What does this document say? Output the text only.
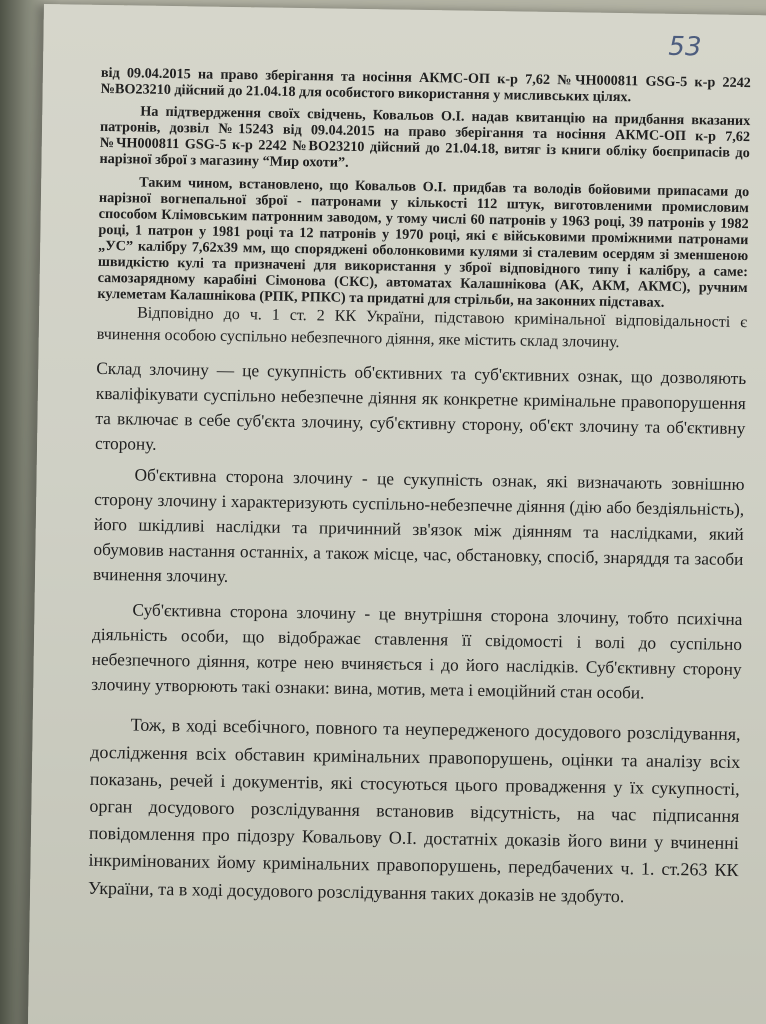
53

від 09.04.2015 на право зберігання та носіння АКМС-ОП к-р 7,62 №ЧН000811 GSG-5 к-р 2242 №ВО23210 дійсний до 21.04.18 для особистого використання у мисливських цілях.

На підтвердження своїх свідчень, Ковальов О.І. надав квитанцію на придбання вказаних патронів, дозвіл №15243 від 09.04.2015 на право зберігання та носіння АКМС-ОП к-р 7,62 №ЧН000811 GSG-5 к-р 2242 №ВО23210 дійсний до 21.04.18, витяг із книги обліку боєприпасів до нарізної зброї з магазину “Мир охоти”.

Таким чином, встановлено, що Ковальов О.І. придбав та володів бойовими припасами до нарізної вогнепальної зброї - патронами у кількості 112 штук, виготовленими промисловим способом Клімовським патронним заводом, у тому числі 60 патронів у 1963 році, 39 патронів у 1982 році, 1 патрон у 1981 році та 12 патронів у 1970 році, які є військовими проміжними патронами „УС” калібру 7,62х39 мм, що споряджені оболонковими кулями зі сталевим осердям зі зменшеною швидкістю кулі та призначені для використання у зброї відповідного типу і калібру, а саме: самозарядному карабіні Сімонова (СКС), автоматах Калашнікова (АК, АКМ, АКМС), ручним кулеметам Калашнікова (РПК, РПКС) та придатні для стрільби, на законних підставах.

Відповідно до ч. 1 ст. 2 КК України, підставою кримінальної відповідальності є вчинення особою суспільно небезпечного діяння, яке містить склад злочину.

Склад злочину — це сукупність об'єктивних та суб'єктивних ознак, що дозволяють кваліфікувати суспільно небезпечне діяння як конкретне кримінальне правопорушення та включає в себе суб'єкта злочину, суб'єктивну сторону, об'єкт злочину та об'єктивну сторону.

Об'єктивна сторона злочину - це сукупність ознак, які визначають зовнішню сторону злочину і характеризують суспільно-небезпечне діяння (дію або бездіяльність), його шкідливі наслідки та причинний зв'язок між діянням та наслідками, який обумовив настання останніх, а також місце, час, обстановку, спосіб, знаряддя та засоби вчинення злочину.

Суб'єктивна сторона злочину - це внутрішня сторона злочину, тобто психічна діяльність особи, що відображає ставлення її свідомості і волі до суспільно небезпечного діяння, котре нею вчиняється і до його наслідків. Суб'єктивну сторону злочину утворюють такі ознаки: вина, мотив, мета і емоційний стан особи.

Тож, в ході всебічного, повного та неупередженого досудового розслідування, дослідження всіх обставин кримінальних правопорушень, оцінки та аналізу всіх показань, речей і документів, які стосуються цього провадження у їх сукупності, орган досудового розслідування встановив відсутність, на час підписання повідомлення про підозру Ковальову О.І. достатніх доказів його вини у вчиненні інкримінованих йому кримінальних правопорушень, передбачених ч. 1. ст.263 КК України, та в ході досудового розслідування таких доказів не здобуто.
